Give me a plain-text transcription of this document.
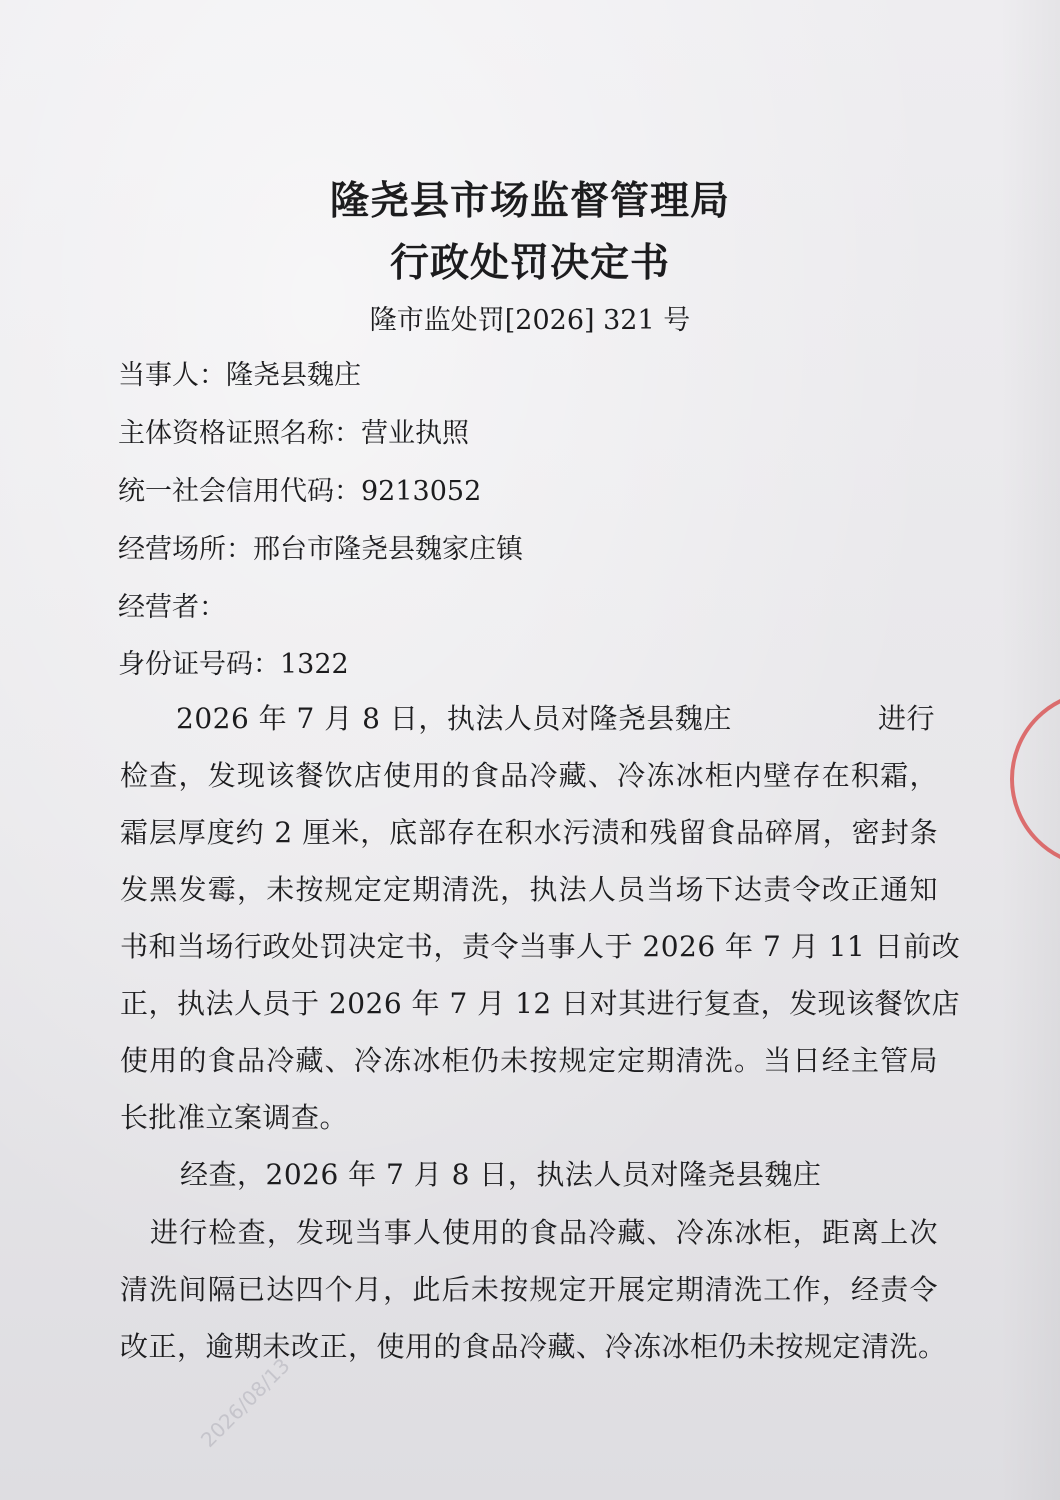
隆尧县市场监督管理局
行政处罚决定书
隆市监处罚[2026] 321 号
当事人：隆尧县魏庄
主体资格证照名称：营业执照
统一社会信用代码：9213052
经营场所：邢台市隆尧县魏家庄镇
经营者：
身份证号码：1322
2026 年 7 月 8 日，执法人员对隆尧县魏庄	进行
检查，发现该餐饮店使用的食品冷藏、冷冻冰柜内壁存在积霜，
霜层厚度约 2 厘米，底部存在积水污渍和残留食品碎屑，密封条
发黑发霉，未按规定定期清洗，执法人员当场下达责令改正通知
书和当场行政处罚决定书，责令当事人于 2026 年 7 月 11 日前改
正，执法人员于 2026 年 7 月 12 日对其进行复查，发现该餐饮店
使用的食品冷藏、冷冻冰柜仍未按规定定期清洗。当日经主管局
长批准立案调查。
经查，2026 年 7 月 8 日，执法人员对隆尧县魏庄
进行检查，发现当事人使用的食品冷藏、冷冻冰柜，距离上次
清洗间隔已达四个月，此后未按规定开展定期清洗工作，经责令
改正，逾期未改正，使用的食品冷藏、冷冻冰柜仍未按规定清洗。
2026/08/13
